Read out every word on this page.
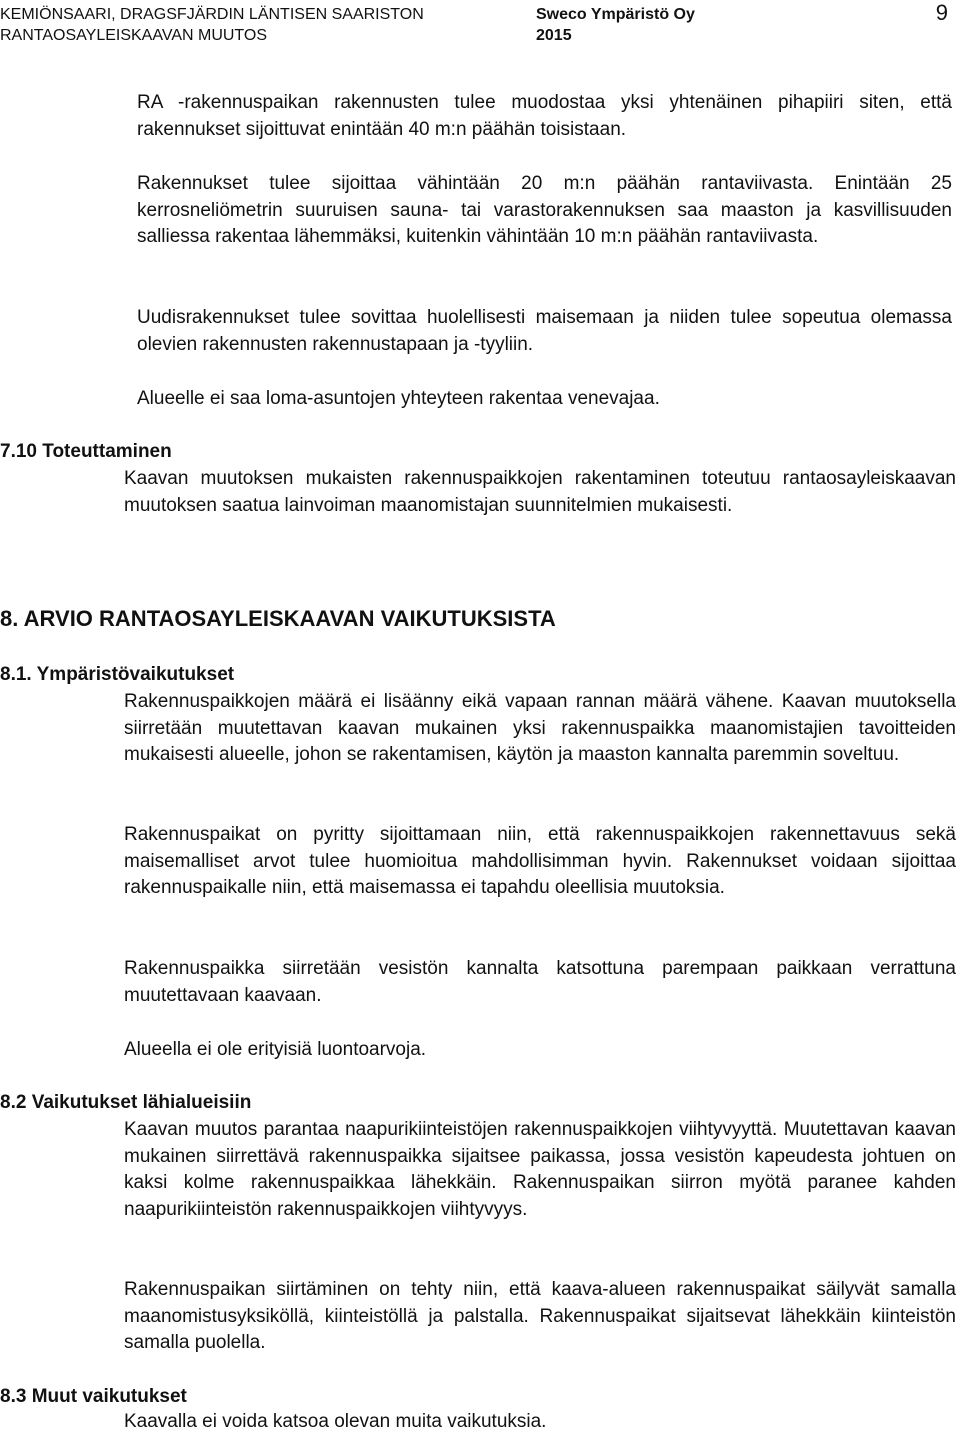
KEMIÖNSAARI, DRAGSFJÄRDIN LÄNTISEN SAARISTON
RANTAOSAYLEISKAAVAN MUUTOS
Sweco Ympäristö Oy
2015
9

RA -rakennuspaikan rakennusten tulee muodostaa yksi yhtenäinen pihapiiri siten, että rakennukset sijoittuvat enintään 40 m:n päähän toisistaan.

Rakennukset tulee sijoittaa vähintään 20 m:n päähän rantaviivasta. Enintään 25 kerrosneliömetrin suuruisen sauna- tai varastorakennuksen saa maaston ja kasvillisuuden salliessa rakentaa lähemmäksi, kuitenkin vähintään 10 m:n päähän rantaviivasta.

Uudisrakennukset tulee sovittaa huolellisesti maisemaan ja niiden tulee sopeutua olemassa olevien rakennusten rakennustapaan ja -tyyliin.

Alueelle ei saa loma-asuntojen yhteyteen rakentaa venevajaa.

7.10 Toteuttaminen

Kaavan muutoksen mukaisten rakennuspaikkojen rakentaminen toteutuu rantaosayleiskaavan muutoksen saatua lainvoiman maanomistajan suunnitelmien mukaisesti.

8. ARVIO RANTAOSAYLEISKAAVAN VAIKUTUKSISTA
8.1. Ympäristövaikutukset

Rakennuspaikkojen määrä ei lisäänny eikä vapaan rannan määrä vähene. Kaavan muutoksella siirretään muutettavan kaavan mukainen yksi rakennuspaikka maanomistajien tavoitteiden mukaisesti alueelle, johon se rakentamisen, käytön ja maaston kannalta paremmin soveltuu.

Rakennuspaikat on pyritty sijoittamaan niin, että rakennuspaikkojen rakennettavuus sekä maisemalliset arvot tulee huomioitua mahdollisimman hyvin. Rakennukset voidaan sijoittaa rakennuspaikalle niin, että maisemassa ei tapahdu oleellisia muutoksia.

Rakennuspaikka siirretään vesistön kannalta katsottuna parempaan paikkaan verrattuna muutettavaan kaavaan.

Alueella ei ole erityisiä luontoarvoja.

8.2 Vaikutukset lähialueisiin

Kaavan muutos parantaa naapurikiinteistöjen rakennuspaikkojen viihtyvyyttä. Muutettavan kaavan mukainen siirrettävä rakennuspaikka sijaitsee paikassa, jossa vesistön kapeudesta johtuen on kaksi kolme rakennuspaikkaa lähekkäin. Rakennuspaikan siirron myötä paranee kahden naapurikiinteistön rakennuspaikkojen viihtyvyys.

Rakennuspaikan siirtäminen on tehty niin, että kaava-alueen rakennuspaikat säilyvät samalla maanomistusyksiköllä, kiinteistöllä ja palstalla. Rakennuspaikat sijaitsevat lähekkäin kiinteistön samalla puolella.

8.3 Muut vaikutukset

Kaavalla ei voida katsoa olevan muita vaikutuksia.
